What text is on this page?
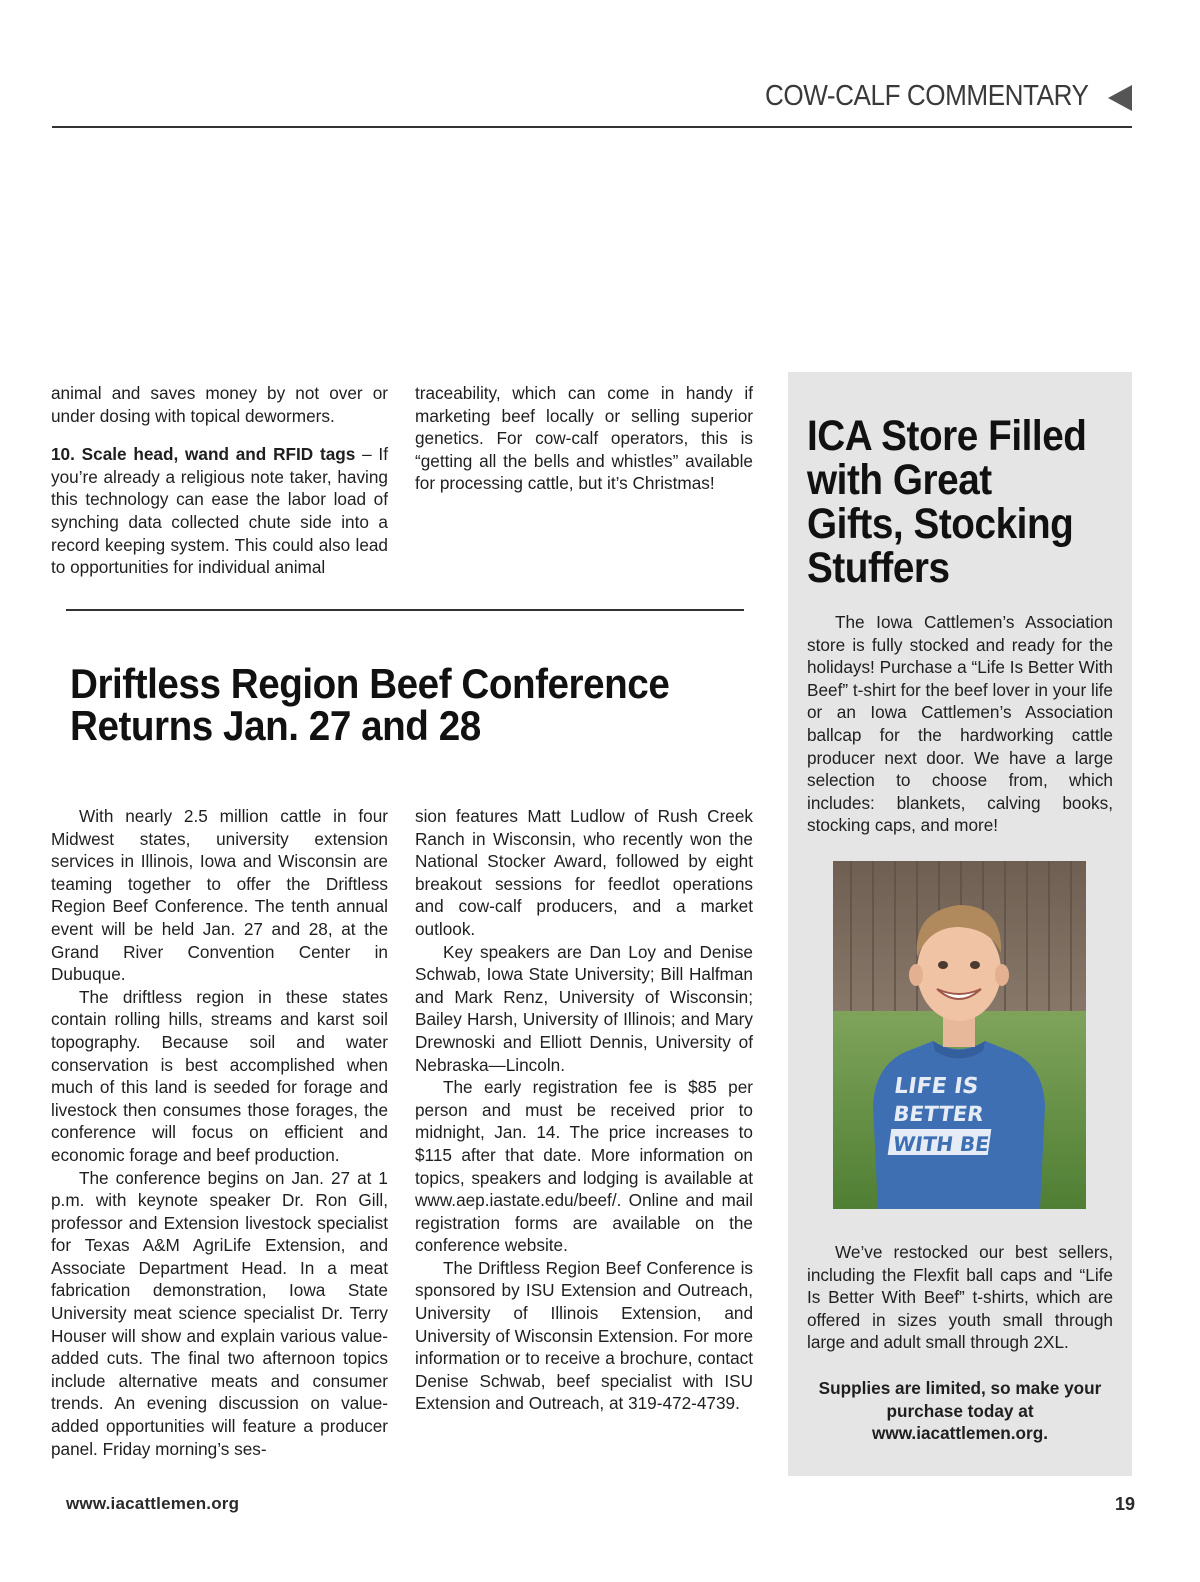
COW-CALF COMMENTARY

animal and saves money by not over or under dosing with topical dewormers.

10. Scale head, wand and RFID tags – If you’re already a religious note taker, having this technology can ease the labor load of synching data collected chute side into a record keeping system. This could also lead to opportunities for individual animal

traceability, which can come in handy if marketing beef locally or selling superior genetics. For cow-calf operators, this is “getting all the bells and whistles” available for processing cattle, but it’s Christmas!

Driftless Region Beef Conference Returns Jan. 27 and 28

With nearly 2.5 million cattle in four Midwest states, university extension services in Illinois, Iowa and Wisconsin are teaming together to offer the Driftless Region Beef Conference. The tenth annual event will be held Jan. 27 and 28, at the Grand River Convention Center in Dubuque.

The driftless region in these states contain rolling hills, streams and karst soil topography. Because soil and water conservation is best accomplished when much of this land is seeded for forage and livestock then consumes those forages, the conference will focus on efficient and economic forage and beef production.

The conference begins on Jan. 27 at 1 p.m. with keynote speaker Dr. Ron Gill, professor and Extension livestock specialist for Texas A&M AgriLife Extension, and Associate Department Head. In a meat fabrication demonstration, Iowa State University meat science specialist Dr. Terry Houser will show and explain various value-added cuts. The final two afternoon topics include alternative meats and consumer trends. An evening discussion on value-added opportunities will feature a producer panel. Friday morning’s ses-

sion features Matt Ludlow of Rush Creek Ranch in Wisconsin, who recently won the National Stocker Award, followed by eight breakout sessions for feedlot operations and cow-calf producers, and a market outlook.

Key speakers are Dan Loy and Denise Schwab, Iowa State University; Bill Halfman and Mark Renz, University of Wisconsin; Bailey Harsh, University of Illinois; and Mary Drewnoski and Elliott Dennis, University of Nebraska—Lincoln.

The early registration fee is $85 per person and must be received prior to midnight, Jan. 14. The price increases to $115 after that date. More information on topics, speakers and lodging is available at www.aep.iastate.edu/beef/. Online and mail registration forms are available on the conference website.

The Driftless Region Beef Conference is sponsored by ISU Extension and Outreach, University of Illinois Extension, and University of Wisconsin Extension. For more information or to receive a brochure, contact Denise Schwab, beef specialist with ISU Extension and Outreach, at 319-472-4739.

ICA Store Filled with Great Gifts, Stocking Stuffers

The Iowa Cattlemen’s Association store is fully stocked and ready for the holidays! Purchase a “Life Is Better With Beef” t-shirt for the beef lover in your life or an Iowa Cattlemen’s Association ballcap for the hardworking cattle producer next door. We have a large selection to choose from, which includes: blankets, calving books, stocking caps, and more!

LIFE IS
BETTER
WITH BEEF.

We’ve restocked our best sellers, including the Flexfit ball caps and “Life Is Better With Beef” t-shirts, which are offered in sizes youth small through large and adult small through 2XL.

Supplies are limited, so make your purchase today at www.iacattlemen.org.

www.iacattlemen.org	19
